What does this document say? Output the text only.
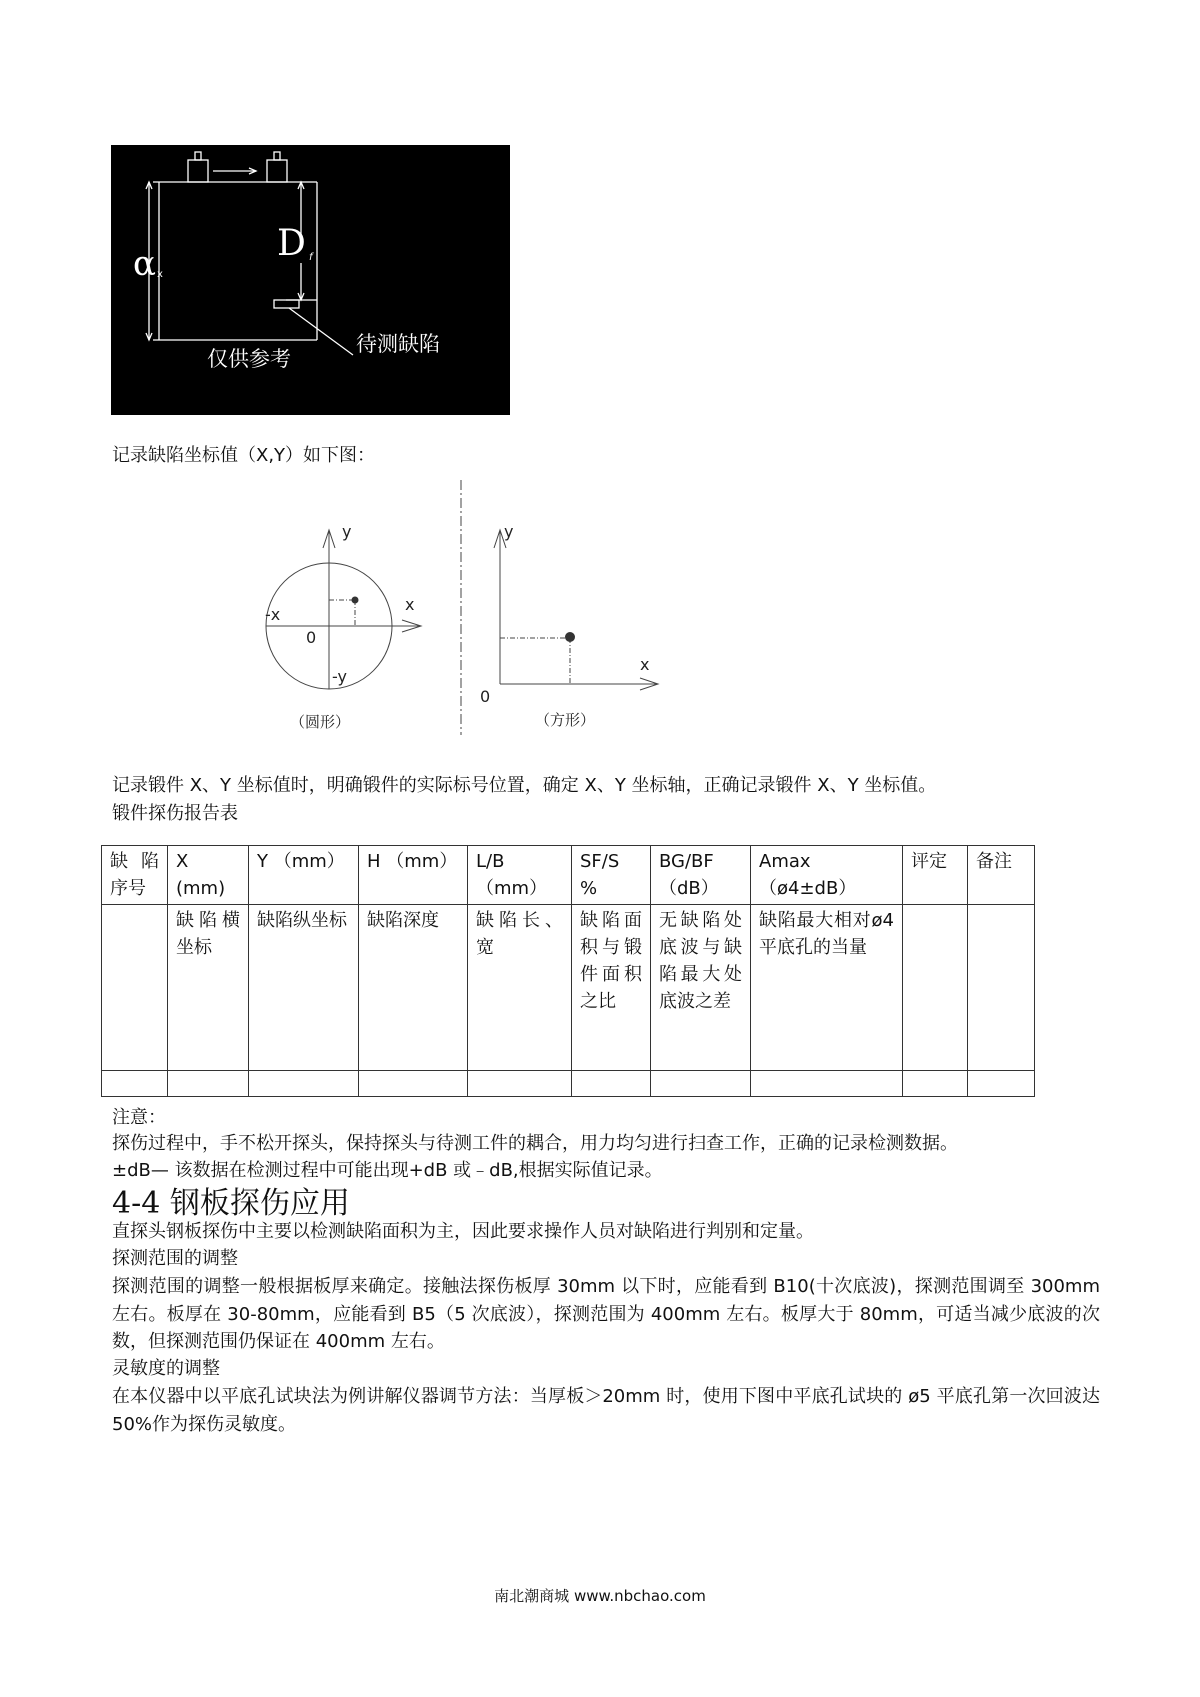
α x
D f
待测缺陷
仅供参考
记录缺陷坐标值（X,Y）如下图：
y
x
-x
0
-y
（圆形）
y
x
0
（方形）
记录锻件 X、Y 坐标值时，明确锻件的实际标号位置，确定 X、Y 坐标轴，正确记录锻件 X、Y 坐标值。
锻件探伤报告表
缺陷序号	X (mm)	Y （mm）	H （mm）	L/B （mm）	SF/S %	BG/BF （dB）	Amax （ø4±dB）	评定	备注
	缺陷横坐标	缺陷纵坐标	缺陷深度	缺陷长、宽	缺陷面积与锻件面积之比	无缺陷处底波与缺陷最大处底波之差	缺陷最大相对ø4 平底孔的当量		

注意：
探伤过程中，手不松开探头，保持探头与待测工件的耦合，用力均匀进行扫查工作，正确的记录检测数据。
±dB— 该数据在检测过程中可能出现+dB 或﹣dB,根据实际值记录。
4-4 钢板探伤应用
直探头钢板探伤中主要以检测缺陷面积为主，因此要求操作人员对缺陷进行判别和定量。
探测范围的调整
探测范围的调整一般根据板厚来确定。接触法探伤板厚 30mm 以下时，应能看到 B10(十次底波)，探测范围调至 300mm 左右。板厚在 30-80mm，应能看到 B5（5 次底波），探测范围为 400mm 左右。板厚大于 80mm，可适当减少底波的次数，但探测范围仍保证在 400mm 左右。
灵敏度的调整
在本仪器中以平底孔试块法为例讲解仪器调节方法：当厚板＞20mm 时，使用下图中平底孔试块的 ø5 平底孔第一次回波达 50%作为探伤灵敏度。
南北潮商城 www.nbchao.com
